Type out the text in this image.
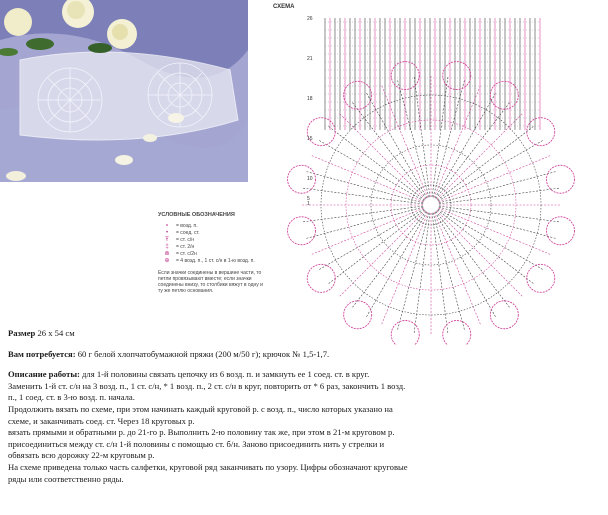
УСЛОВНЫЕ ОБОЗНАЧЕНИЯ
∘	= возд. п.
•	= соед. ст.
Ŧ	= ст. с/н
‡	= ст. 2/н
⋒	= ст. с/2н
⊕	= 4 возд. п., 1 ст. с/н в 1-ю возд. п.
Если значки соединены в вершине части, то петли провязывают вместе; если значки соединены внизу, то столбики вяжут в одну и ту же петлю основания.
СХЕМА
26
21
18
15
10
5
1

Размер 26 х 54 см

Вам потребуется: 60 г белой хлопчатобумажной пряжи (200 м/50 г); крючок № 1,5-1,7.

Описание работы: для 1-й половины связать цепочку из 6 возд. п. и замкнуть ее 1 соед. ст. в круг.

Заменить 1-й ст. с/н на 3 возд. п., 1 ст. с/н, * 1 возд. п., 2 ст. с/н в круг, повторить от * 6 раз, закончить 1 возд.

п., 1 соед. ст. в 3-ю возд. п. начала.

Продолжить вязать по схеме, при этом начинать каждый круговой р. с возд. п., число которых указано на

схеме, и заканчивать соед. ст. Через 18 круговых р.

вязать прямыми и обратными р. до 21-го р. Выполнить 2-ю половину так же, при этом в 21-м круговом р.

присоединиться между ст. с/н 1-й половины с помощью ст. б/н. Заново присоединить нить у стрелки и

обвязать всю дорожку 22-м круговым р.

На схеме приведена только часть салфетки, круговой ряд заканчивать по узору. Цифры обозначают круговые

ряды или соответственно ряды.
